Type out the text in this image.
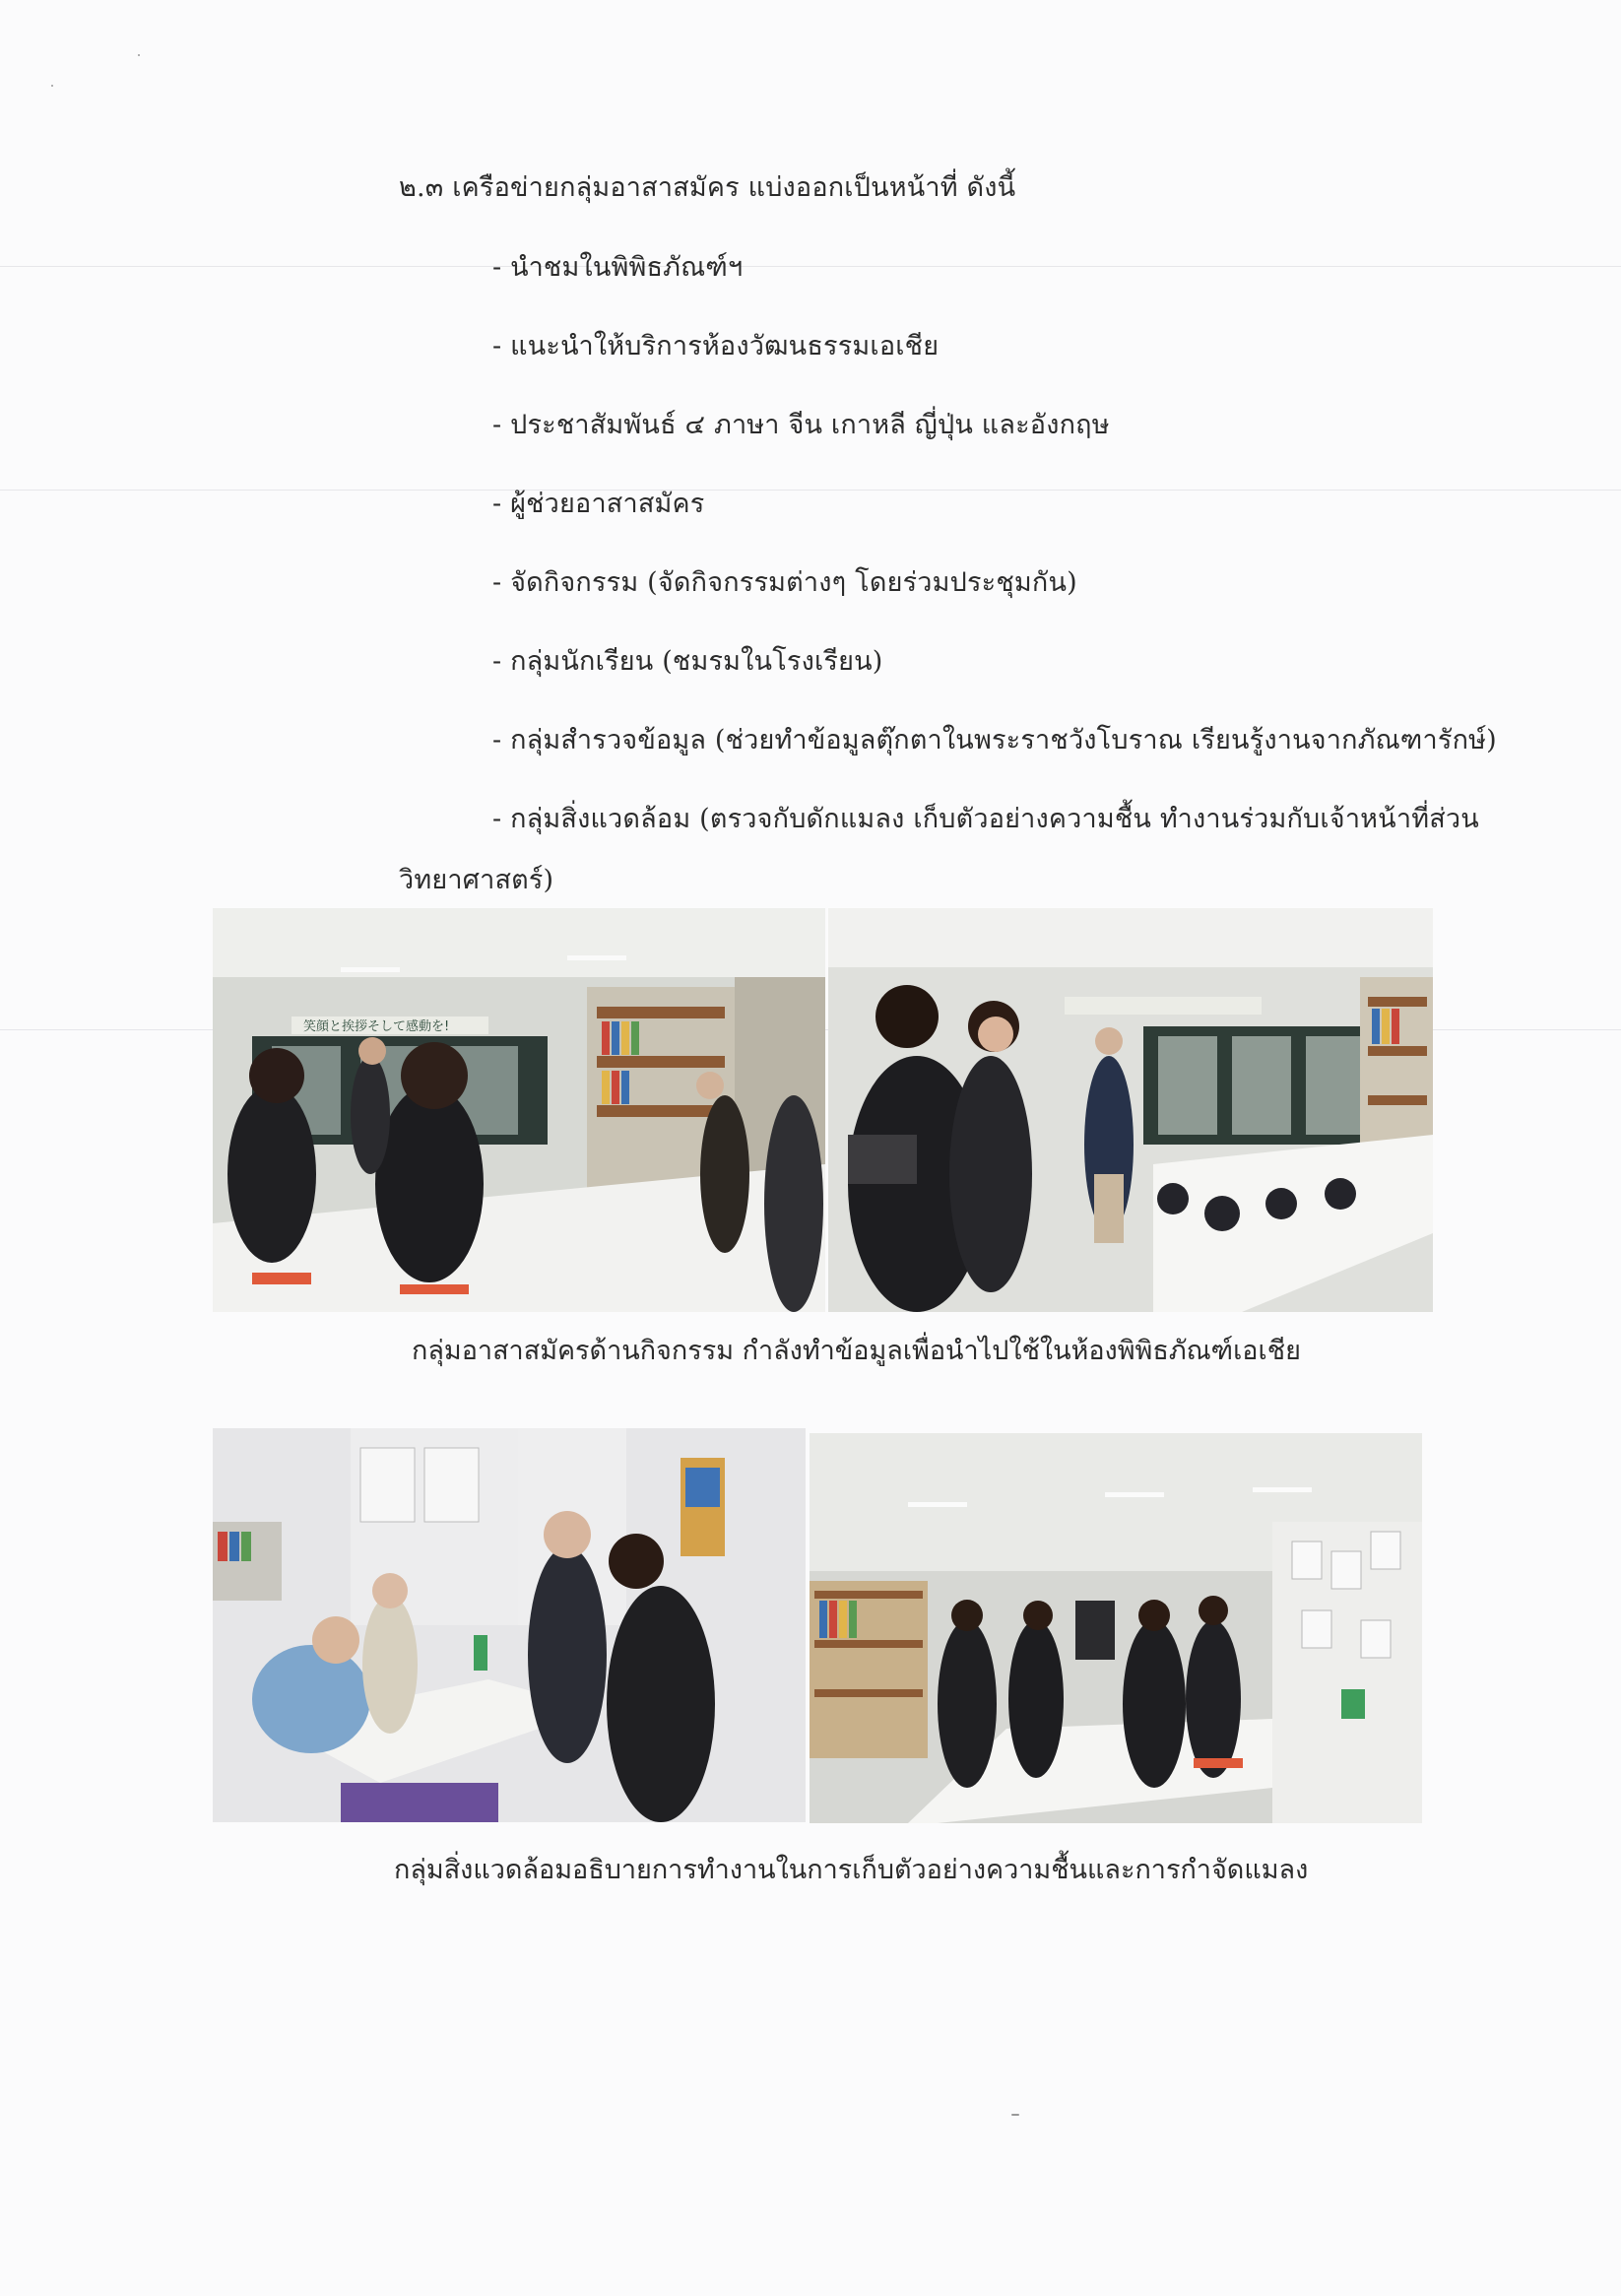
๒.๓ เครือข่ายกลุ่มอาสาสมัคร แบ่งออกเป็นหน้าที่ ดังนี้
- นำชมในพิพิธภัณฑ์ฯ
- แนะนำให้บริการห้องวัฒนธรรมเอเชีย
- ประชาสัมพันธ์ ๔ ภาษา จีน เกาหลี ญี่ปุ่น และอังกฤษ
- ผู้ช่วยอาสาสมัคร
- จัดกิจกรรม (จัดกิจกรรมต่างๆ โดยร่วมประชุมกัน)
- กลุ่มนักเรียน (ชมรมในโรงเรียน)
- กลุ่มสำรวจข้อมูล (ช่วยทำข้อมูลตุ๊กตาในพระราชวังโบราณ เรียนรู้งานจากภัณฑารักษ์)
- กลุ่มสิ่งแวดล้อม (ตรวจกับดักแมลง เก็บตัวอย่างความชื้น ทำงานร่วมกับเจ้าหน้าที่ส่วน
วิทยาศาสตร์)
笑顔と挨拶そして感動を!
กลุ่มอาสาสมัครด้านกิจกรรม กำลังทำข้อมูลเพื่อนำไปใช้ในห้องพิพิธภัณฑ์เอเชีย
กลุ่มสิ่งแวดล้อมอธิบายการทำงานในการเก็บตัวอย่างความชื้นและการกำจัดแมลง
